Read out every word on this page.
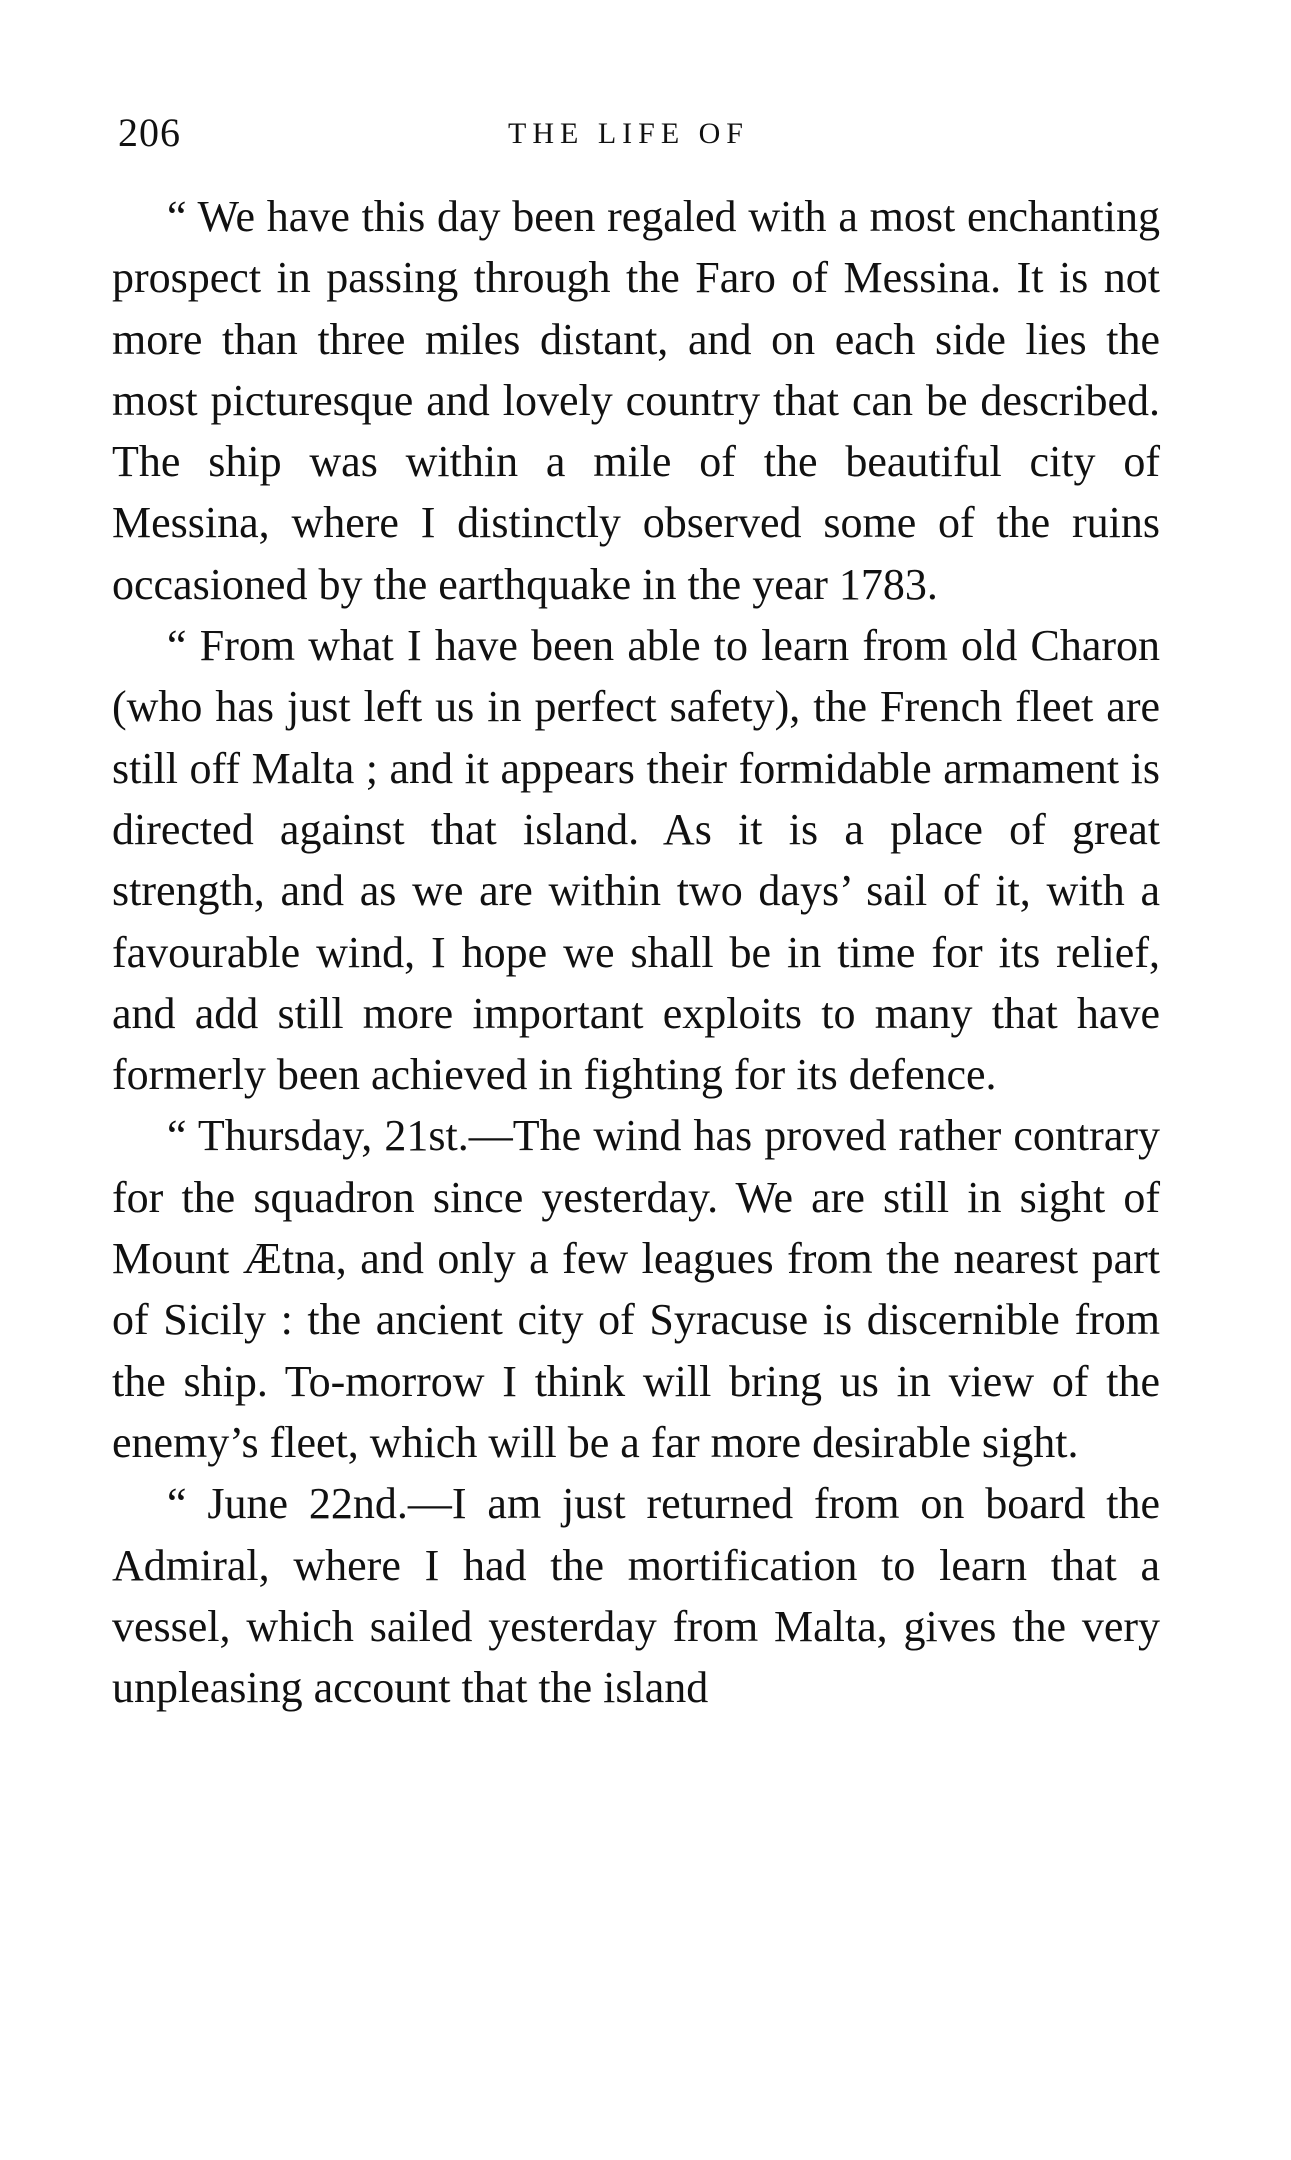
206	THE LIFE OF

“ We have this day been regaled with a most enchanting prospect in passing through the Faro of Messina. It is not more than three miles distant, and on each side lies the most picturesque and lovely country that can be described. The ship was within a mile of the beautiful city of Messina, where I distinctly observed some of the ruins occasioned by the earthquake in the year 1783.

“ From what I have been able to learn from old Charon (who has just left us in perfect safety), the French fleet are still off Malta ; and it appears their formidable armament is directed against that island. As it is a place of great strength, and as we are within two days’ sail of it, with a favourable wind, I hope we shall be in time for its relief, and add still more important exploits to many that have formerly been achieved in fighting for its defence.

“ Thursday, 21st.—The wind has proved rather contrary for the squadron since yesterday. We are still in sight of Mount Ætna, and only a few leagues from the nearest part of Sicily : the ancient city of Syracuse is discernible from the ship. To-morrow I think will bring us in view of the enemy’s fleet, which will be a far more desirable sight.

“ June 22nd.—I am just returned from on board the Admiral, where I had the mortification to learn that a vessel, which sailed yesterday from Malta, gives the very unpleasing account that the island
